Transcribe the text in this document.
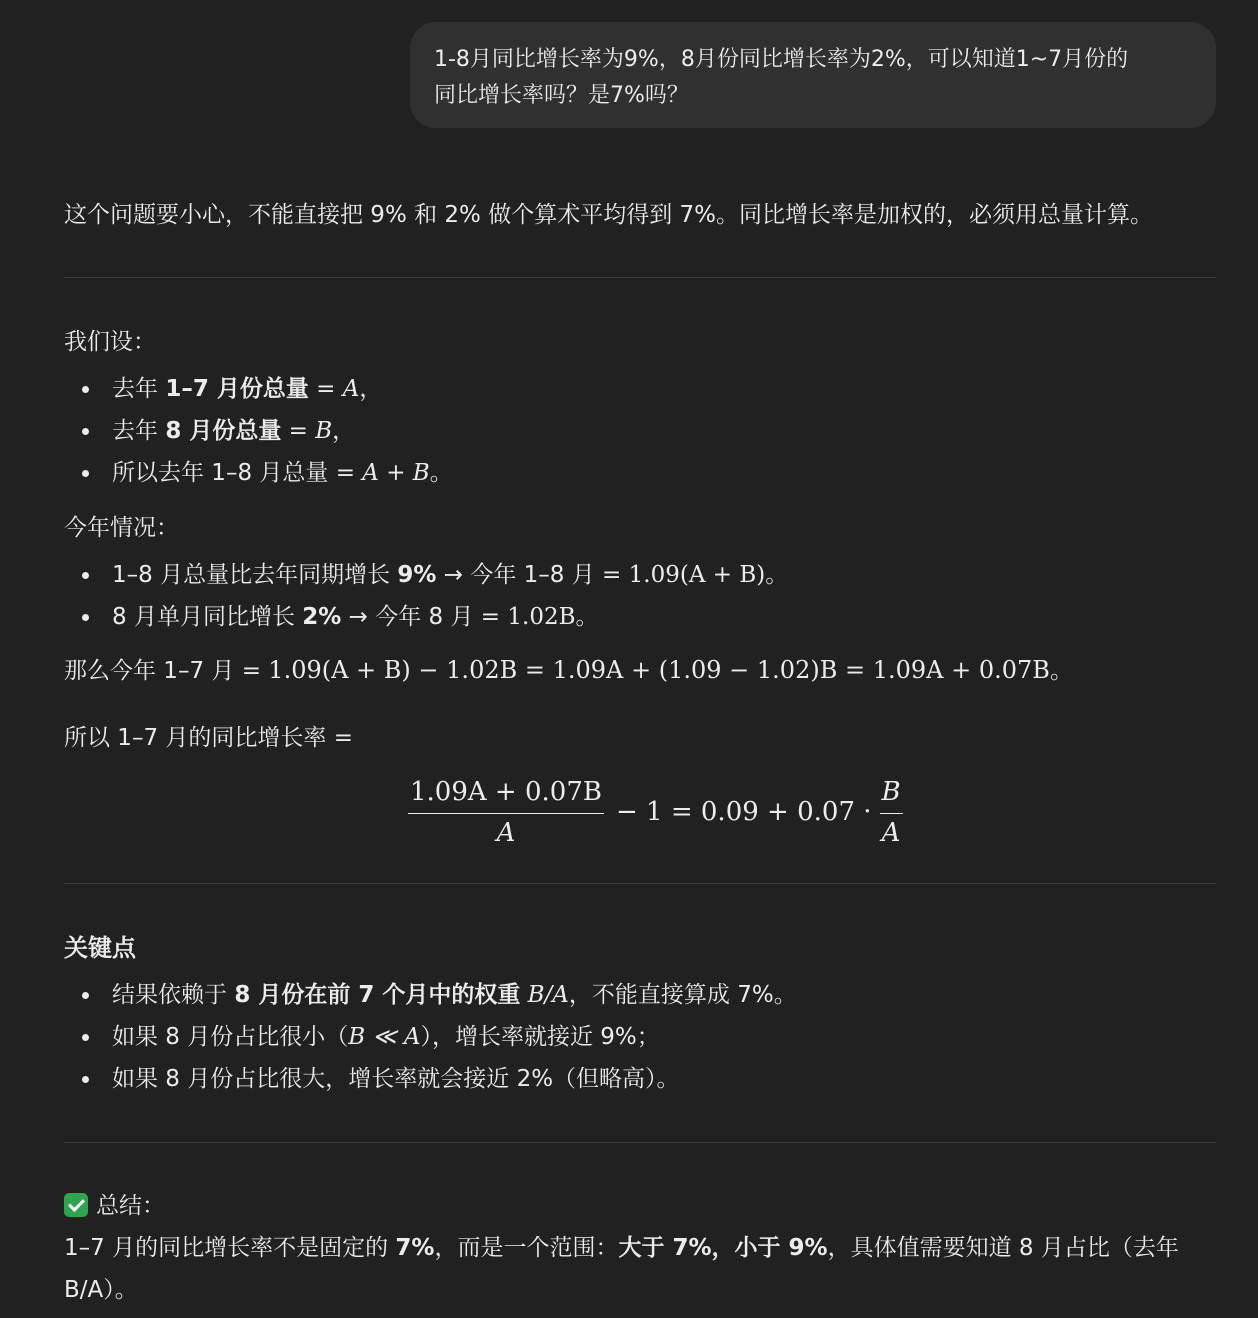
1-8月同比增长率为9%，8月份同比增长率为2%，可以知道1~7月份的
同比增长率吗？是7%吗？
这个问题要小心，不能直接把 9% 和 2% 做个算术平均得到 7%。同比增长率是加权的，必须用总量计算。
我们设：
去年 1–7 月份总量 = A，
去年 8 月份总量 = B，
所以去年 1–8 月总量 = A + B。
今年情况：
1–8 月总量比去年同期增长 9% → 今年 1–8 月 = 1.09(A + B)。
8 月单月同比增长 2% → 今年 8 月 = 1.02B。
那么今年 1–7 月 = 1.09(A + B) − 1.02B = 1.09A + (1.09 − 1.02)B = 1.09A + 0.07B。
所以 1–7 月的同比增长率 =
$\frac{1.09A + 0.07B}{A} - 1 = 0.09 + 0.07 \cdot \frac{B}{A}$
关键点
结果依赖于 8 月份在前 7 个月中的权重 B/A，不能直接算成 7%。
如果 8 月份占比很小（B ≪ A），增长率就接近 9%；
如果 8 月份占比很大，增长率就会接近 2%（但略高）。
总结：
1–7 月的同比增长率不是固定的 7%，而是一个范围：大于 7%，小于 9%，具体值需要知道 8 月占比（去年
B/A）。
